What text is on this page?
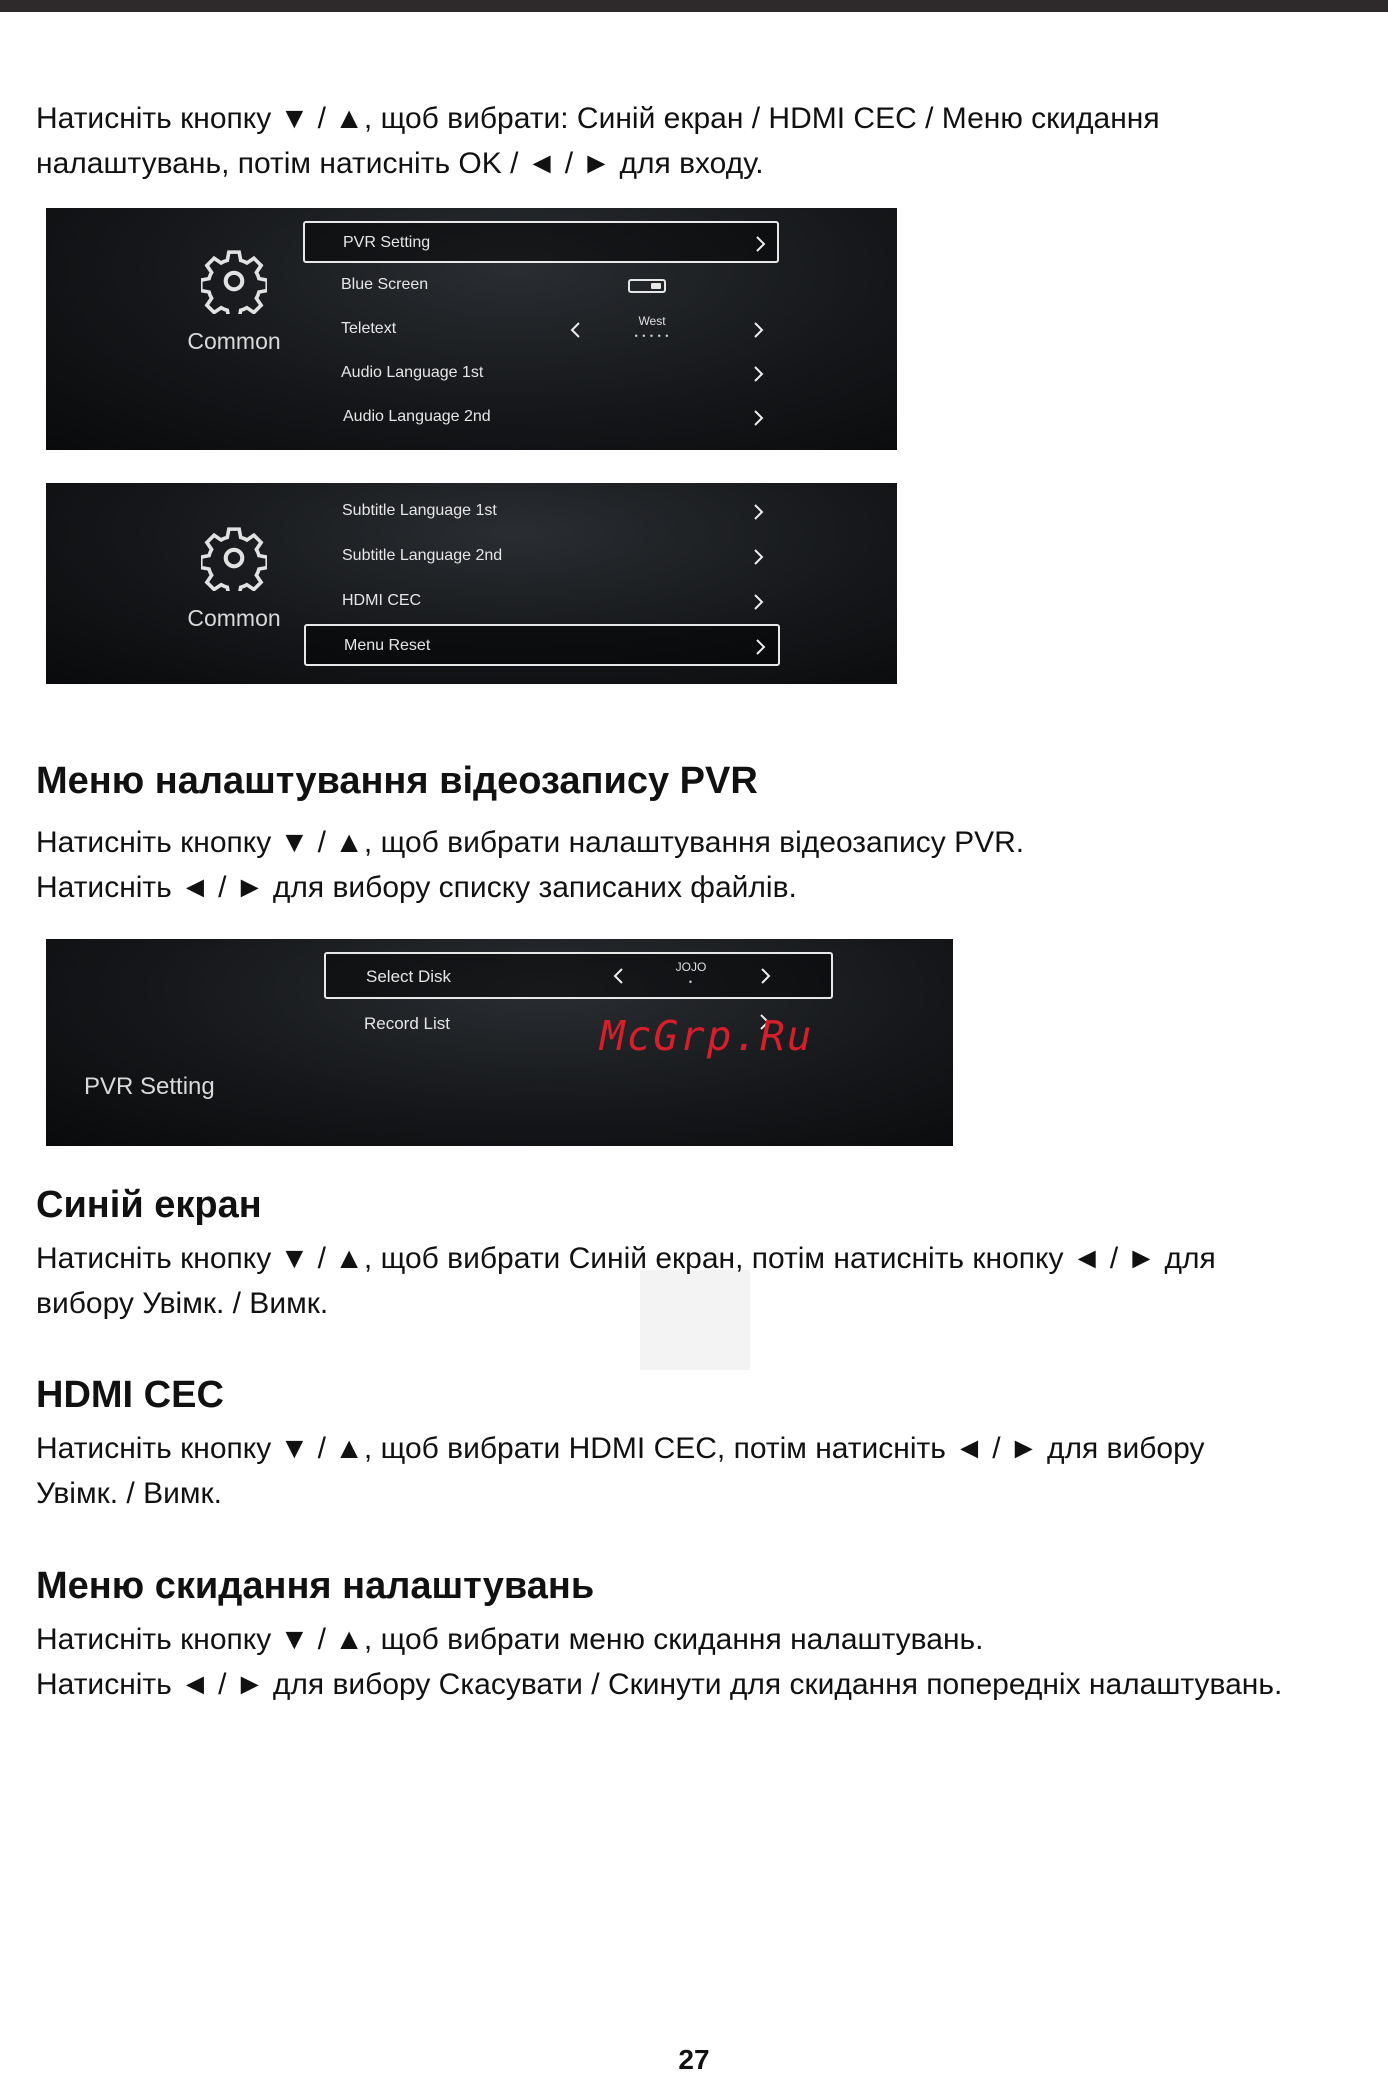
Натисніть кнопку ▼ / ▲, щоб вибрати: Синій екран / HDMI CEC / Меню скидання
налаштувань, потім натисніть OK / ◄ / ► для входу.

Common
PVR Setting
Blue Screen
Teletext	West
• • • • •
Audio Language 1st
Audio Language 2nd
Common
Subtitle Language 1st
Subtitle Language 2nd
HDMI CEC
Menu Reset
Меню налаштування відеозапису PVR

Натисніть кнопку ▼ / ▲, щоб вибрати налаштування відеозапису PVR.
Натисніть ◄ / ► для вибору списку записаних файлів.

PVR Setting
Select Disk	JOJO
•
Record List	McGrp.Ru
Синій екран

Натисніть кнопку ▼ / ▲, щоб вибрати Синій екран, потім натисніть кнопку ◄ / ► для
вибору Увімк. / Вимк.

HDMI CEC

Натисніть кнопку ▼ / ▲, щоб вибрати HDMI CEC, потім натисніть ◄ / ► для вибору
Увімк. / Вимк.

Меню скидання налаштувань

Натисніть кнопку ▼ / ▲, щоб вибрати меню скидання налаштувань.
Натисніть ◄ / ► для вибору Скасувати / Скинути для скидання попередніх налаштувань.

27
